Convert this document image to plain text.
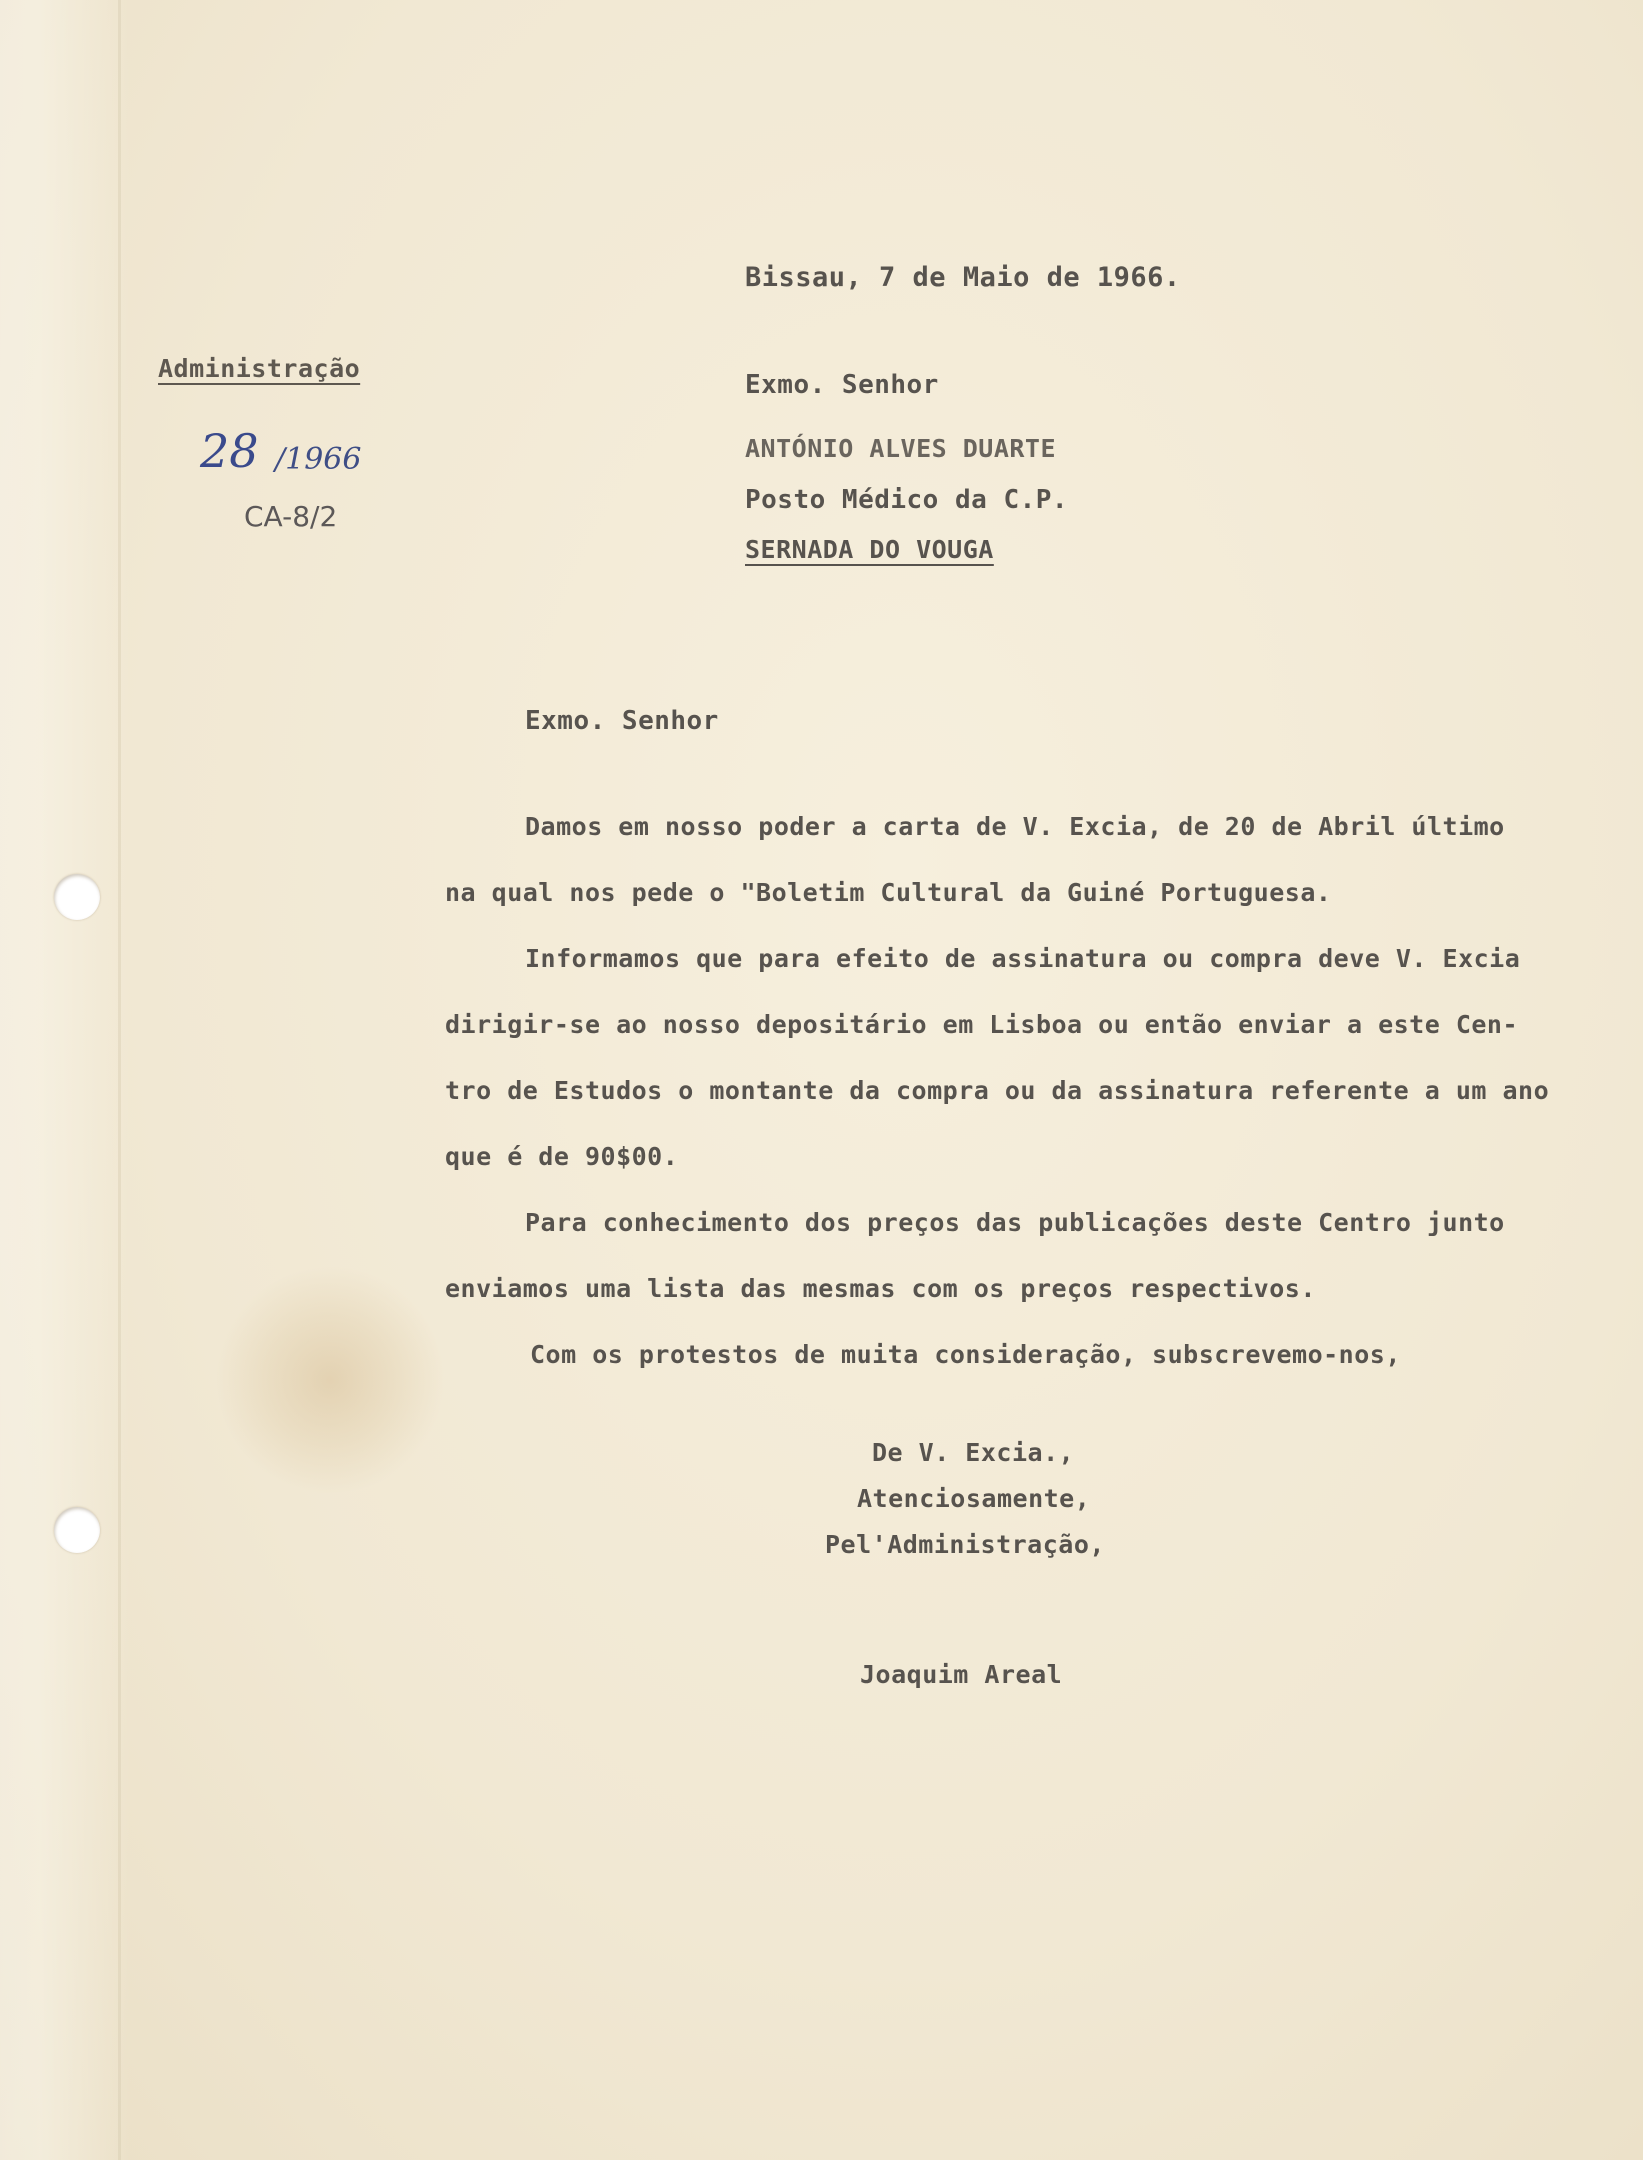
Bissau, 7 de Maio de 1966.

Administração

28 /1966
CA-8/2

Exmo. Senhor

ANTÓNIO ALVES DUARTE

Posto Médico da C.P.

SERNADA DO VOUGA

Exmo. Senhor

Damos em nosso poder a carta de V. Excia, de 20 de Abril último

na qual nos pede o "Boletim Cultural da Guiné Portuguesa.

Informamos que para efeito de assinatura ou compra deve V. Excia

dirigir-se ao nosso depositário em Lisboa ou então enviar a este Cen-

tro de Estudos o montante da compra ou da assinatura referente a um ano

que é de 90$00.

Para conhecimento dos preços das publicações deste Centro junto

enviamos uma lista das mesmas com os preços respectivos.

Com os protestos de muita consideração, subscrevemo-nos,

De V. Excia.,

Atenciosamente,

Pel'Administração,

Joaquim Areal
